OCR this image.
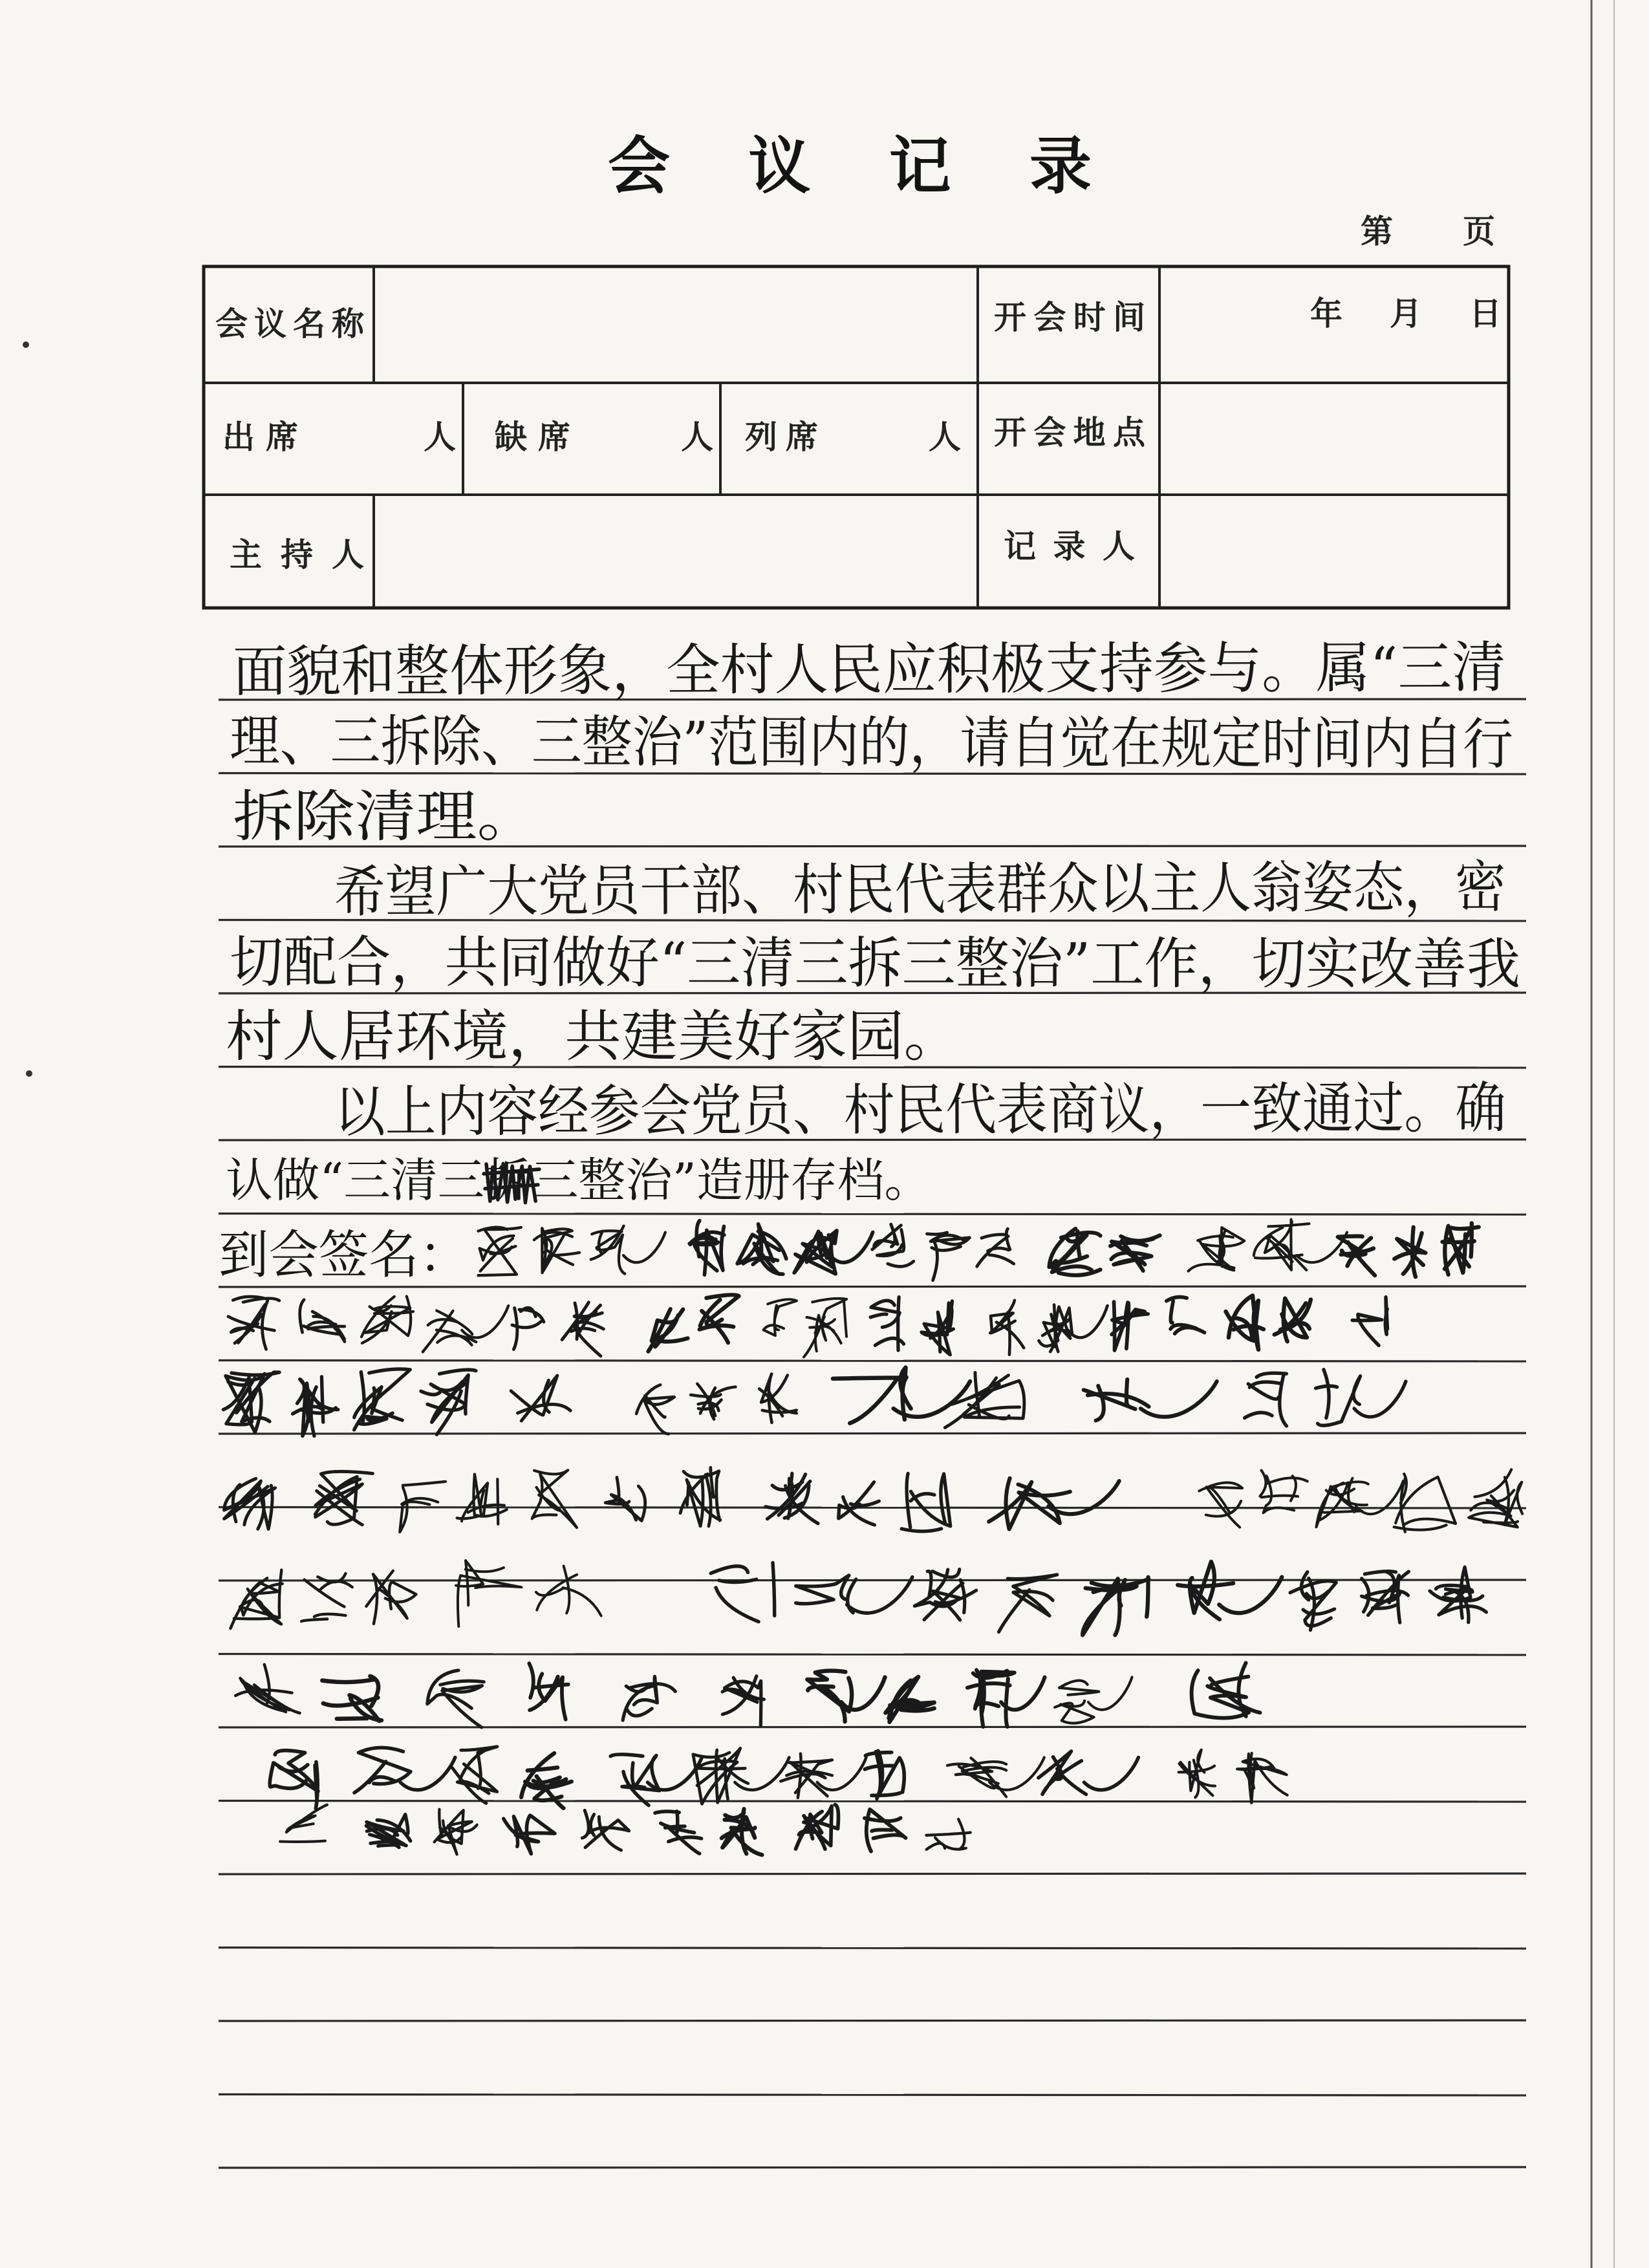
会议记录
第 页
会议名称	开会时间	年 月 日
出席	人 缺席	人 列席	人 开会地点
主持人	记录人
面貌和整体形象，全村人民应积极支持参与。属“三清
理、三拆除、三整治”范围内的，请自觉在规定时间内自行
拆除清理。
希望广大党员干部、村民代表群众以主人翁姿态，密
切配合，共同做好“三清三拆三整治”工作，切实改善我
村人居环境，共建美好家园。
以上内容经参会党员、村民代表商议，一致通过。确
认做“三清三拆三整治”造册存档。
到会签名：
